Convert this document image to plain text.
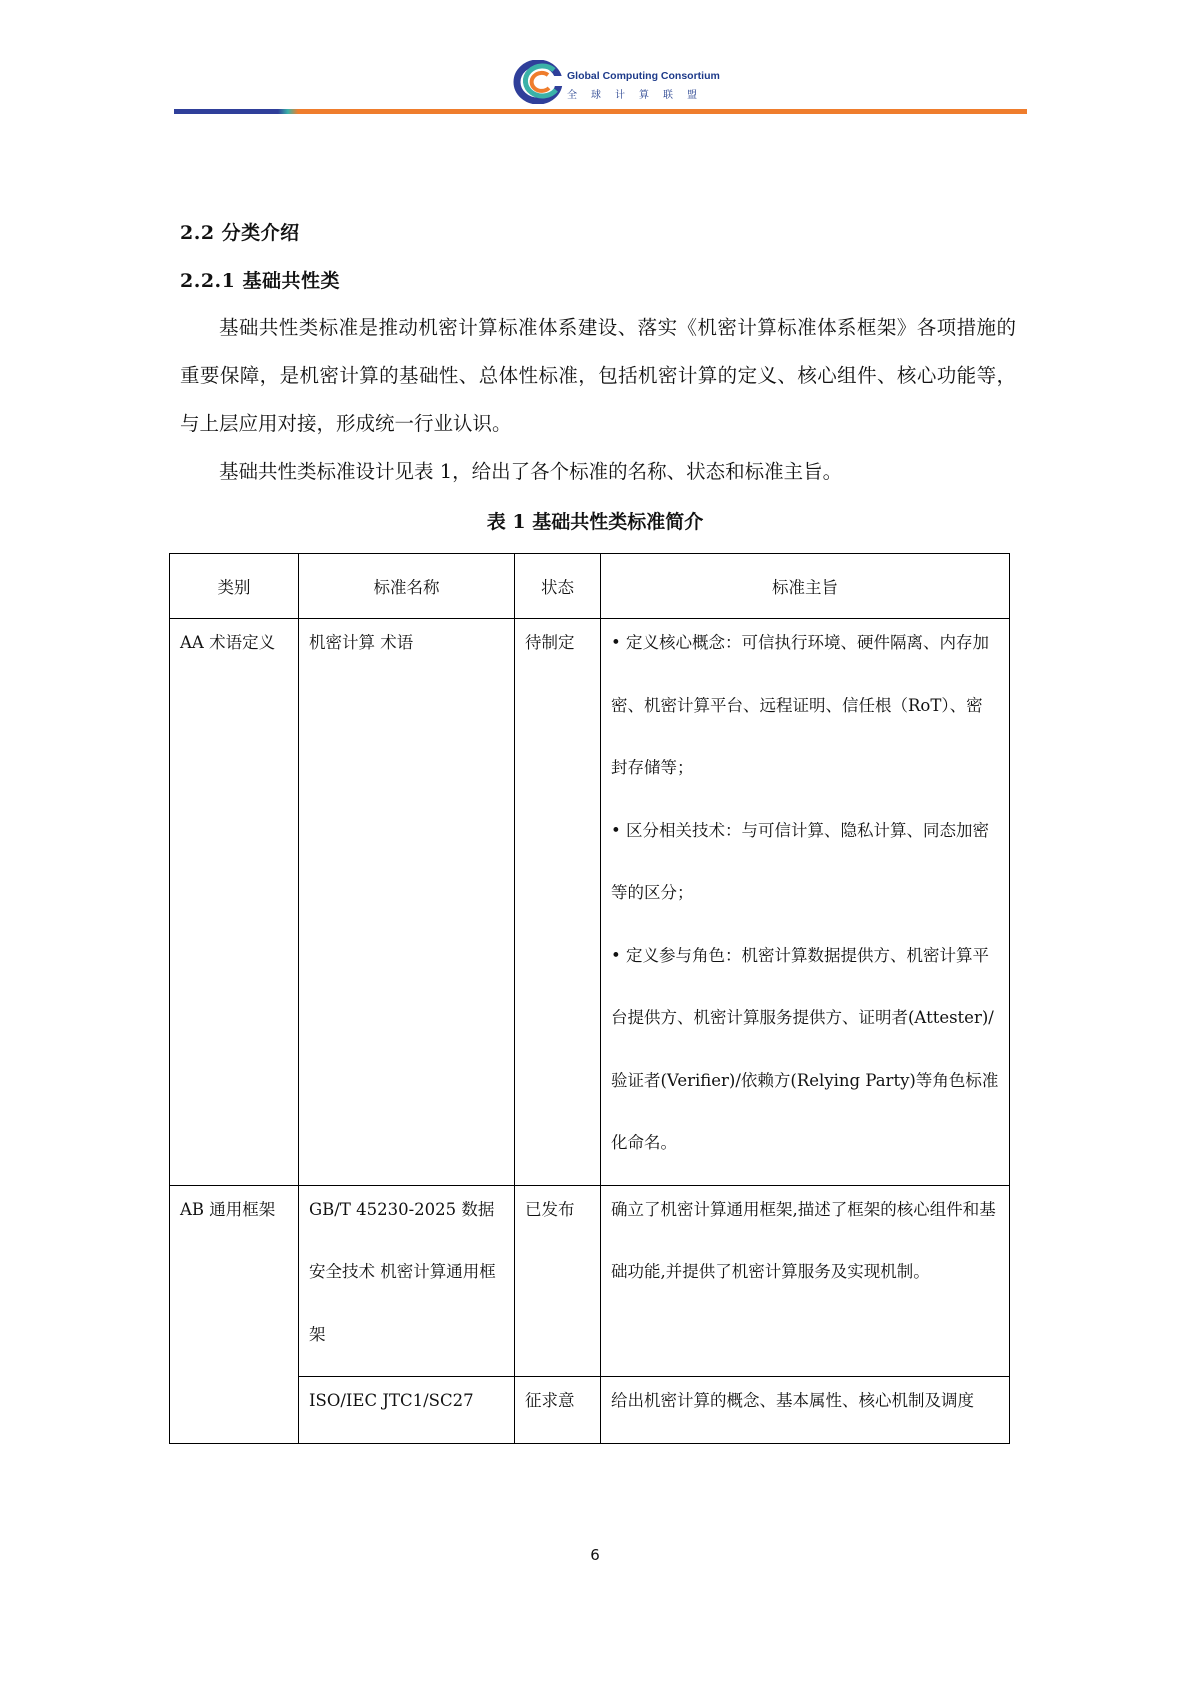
Global Computing Consortium
全球计算联盟
2.2 分类介绍
2.2.1 基础共性类

基础共性类标准是推动机密计算标准体系建设、落实《机密计算标准体系框架》各项措施的重要保障，是机密计算的基础性、总体性标准，包括机密计算的定义、核心组件、核心功能等，与上层应用对接，形成统一行业认识。

基础共性类标准设计见表 1，给出了各个标准的名称、状态和标准主旨。

表 1 基础共性类标准简介
类别	标准名称	状态	标准主旨

AA 术语定义	机密计算 术语	待制定	• 定义核心概念：可信执行环境、硬件隔离、内存加密、机密计算平台、远程证明、信任根（RoT）、密封存储等；
• 区分相关技术：与可信计算、隐私计算、同态加密等的区分；
• 定义参与角色：机密计算数据提供方、机密计算平台提供方、机密计算服务提供方、证明者(Attester)/验证者(Verifier)/依赖方(Relying Party)等角色标准化命名。

AB 通用框架	GB/T 45230-2025 数据安全技术 机密计算通用框架	已发布	确立了机密计算通用框架,描述了框架的核心组件和基础功能,并提供了机密计算服务及实现机制。

	ISO/IEC JTC1/SC27	征求意	给出机密计算的概念、基本属性、核心机制及调度
6
